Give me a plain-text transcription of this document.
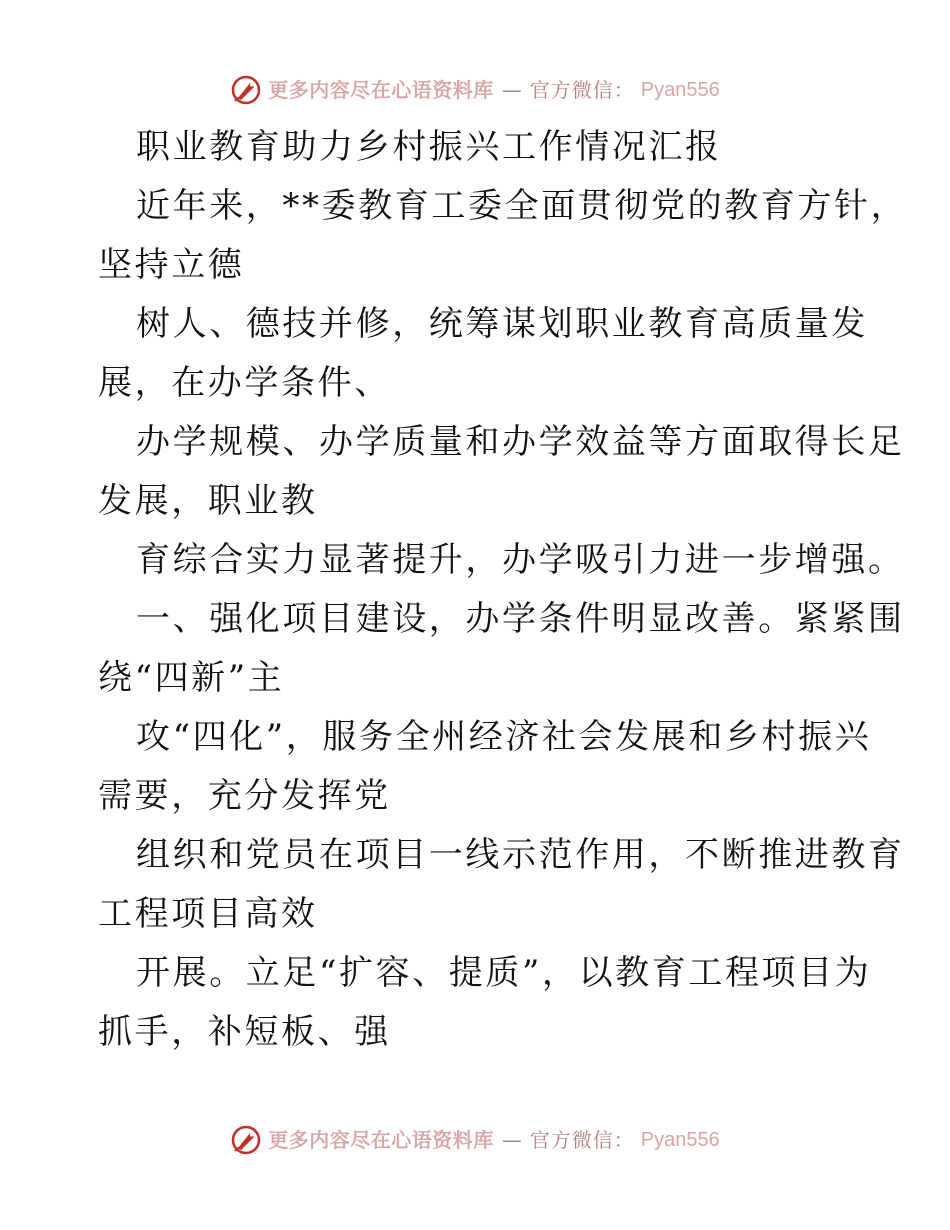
更多内容尽在心语资料库 — 官方微信： Pyan556
职业教育助力乡村振兴工作情况汇报
近年来，**委教育工委全面贯彻党的教育方针，
坚持立德
树人、德技并修，统筹谋划职业教育高质量发
展，在办学条件、
办学规模、办学质量和办学效益等方面取得长足
发展，职业教
育综合实力显著提升，办学吸引力进一步增强。
一、强化项目建设，办学条件明显改善。紧紧围
绕“四新”主
攻“四化”，服务全州经济社会发展和乡村振兴
需要，充分发挥党
组织和党员在项目一线示范作用，不断推进教育
工程项目高效
开展。立足“扩容、提质”，以教育工程项目为
抓手，补短板、强
更多内容尽在心语资料库 — 官方微信： Pyan556
